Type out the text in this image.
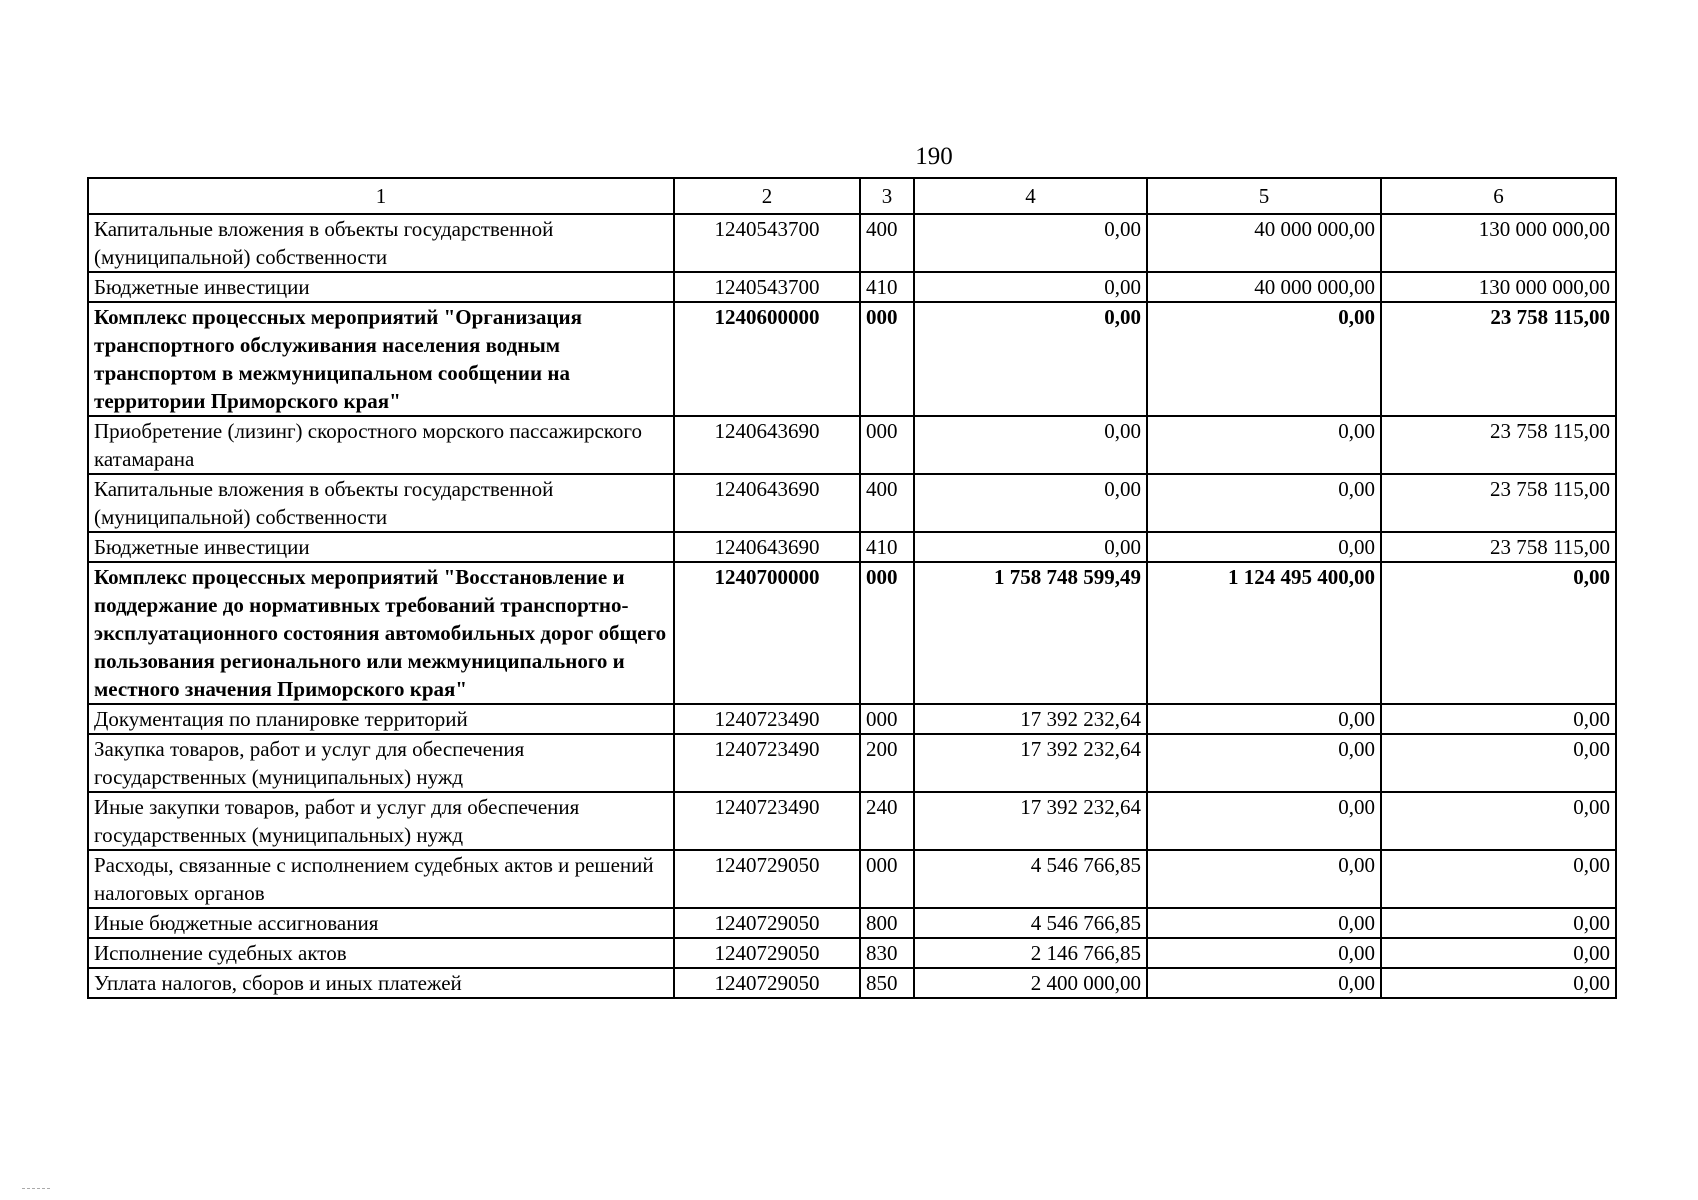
190
1	2	3	4	5	6
Капитальные вложения в объекты государственной (муниципальной) собственности	1240543700	400	0,00	40 000 000,00	130 000 000,00
Бюджетные инвестиции	1240543700	410	0,00	40 000 000,00	130 000 000,00
Комплекс процессных мероприятий "Организация транспортного обслуживания населения водным транспортом в межмуниципальном сообщении на территории Приморского края"	1240600000	000	0,00	0,00	23 758 115,00
Приобретение (лизинг) скоростного морского пассажирского катамарана	1240643690	000	0,00	0,00	23 758 115,00
Капитальные вложения в объекты государственной (муниципальной) собственности	1240643690	400	0,00	0,00	23 758 115,00
Бюджетные инвестиции	1240643690	410	0,00	0,00	23 758 115,00
Комплекс процессных мероприятий "Восстановление и поддержание до нормативных требований транспортно-эксплуатационного состояния автомобильных дорог общего пользования регионального или межмуниципального и местного значения Приморского края"	1240700000	000	1 758 748 599,49	1 124 495 400,00	0,00
Документация по планировке территорий	1240723490	000	17 392 232,64	0,00	0,00
Закупка товаров, работ и услуг для обеспечения государственных (муниципальных) нужд	1240723490	200	17 392 232,64	0,00	0,00
Иные закупки товаров, работ и услуг для обеспечения государственных (муниципальных) нужд	1240723490	240	17 392 232,64	0,00	0,00
Расходы, связанные с исполнением судебных актов и решений налоговых органов	1240729050	000	4 546 766,85	0,00	0,00
Иные бюджетные ассигнования	1240729050	800	4 546 766,85	0,00	0,00
Исполнение судебных актов	1240729050	830	2 146 766,85	0,00	0,00
Уплата налогов, сборов и иных платежей	1240729050	850	2 400 000,00	0,00	0,00
